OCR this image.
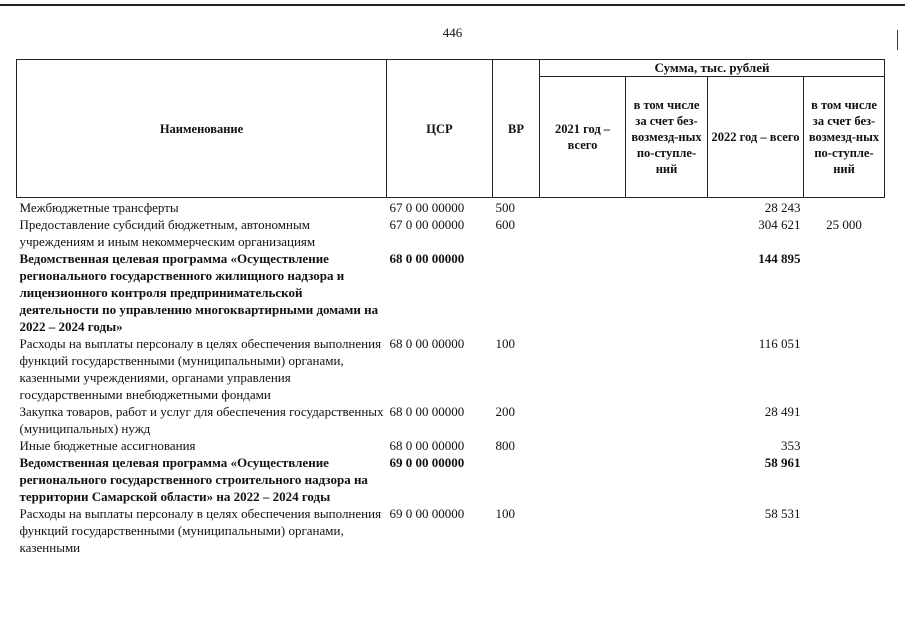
446
Наименование	ЦСР	ВР	Сумма, тыс. рублей			
			2021 год – всего	в том числе за счет без-возмезд-ных по-ступле-ний	2022 год – всего	в том числе за счет без-возмезд-ных по-ступле-ний
Межбюджетные трансферты	67 0 00 00000	500			28 243	
Предоставление субсидий бюджетным, автономным учреждениям и иным некоммерческим организациям	67 0 00 00000	600			304 621	25 000
Ведомственная целевая программа «Осуществление регионального государственного жилищного надзора и лицензионного контроля предпринимательской деятельности по управлению многоквартирными домами на 2022 – 2024 годы»	68 0 00 00000				144 895	
Расходы на выплаты персоналу в целях обеспечения выполнения функций государственными (муниципальными) органами, казенными учреждениями, органами управления государственными внебюджетными фондами	68 0 00 00000	100			116 051	
Закупка товаров, работ и услуг для обеспечения государственных (муниципальных) нужд	68 0 00 00000	200			28 491	
Иные бюджетные ассигнования	68 0 00 00000	800			353	
Ведомственная целевая программа «Осуществление регионального государственного строительного надзора на территории Самарской области» на 2022 – 2024 годы	69 0 00 00000				58 961	
Расходы на выплаты персоналу в целях обеспечения выполнения функций государственными (муниципальными) органами, казенными	69 0 00 00000	100			58 531	
